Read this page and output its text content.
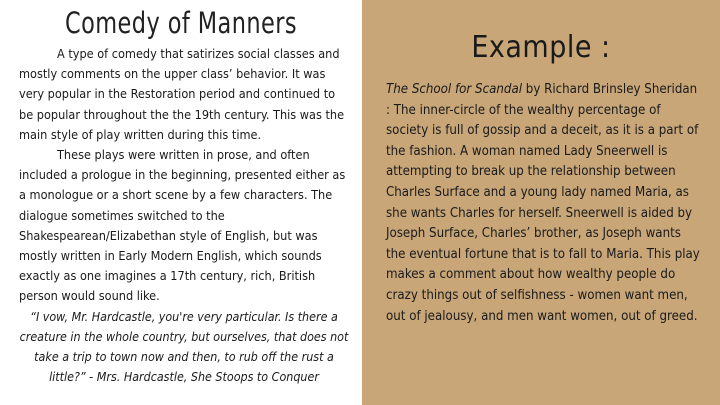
Comedy of Manners

A type of comedy that satirizes social classes and mostly comments on the upper class’ behavior. It was very popular in the Restoration period and continued to be popular throughout the the 19th century. This was the main style of play written during this time.

These plays were written in prose, and often included a prologue in the beginning, presented either as a monologue or a short scene by a few characters. The dialogue sometimes switched to the Shakespearean/Elizabethan style of English, but was mostly written in Early Modern English, which sounds exactly as one imagines a 17th century, rich, British person would sound like.

“I vow, Mr. Hardcastle, you're very particular. Is there a creature in the whole country, but ourselves, that does not take a trip to town now and then, to rub off the rust a little?” - Mrs. Hardcastle, She Stoops to Conquer

Example :
The School for Scandal by Richard Brinsley Sheridan : The inner-circle of the wealthy percentage of society is full of gossip and a deceit, as it is a part of the fashion. A woman named Lady Sneerwell is attempting to break up the relationship between Charles Surface and a young lady named Maria, as she wants Charles for herself. Sneerwell is aided by Joseph Surface, Charles’ brother, as Joseph wants the eventual fortune that is to fall to Maria. This play makes a comment about how wealthy people do crazy things out of selfishness - women want men, out of jealousy, and men want women, out of greed.
